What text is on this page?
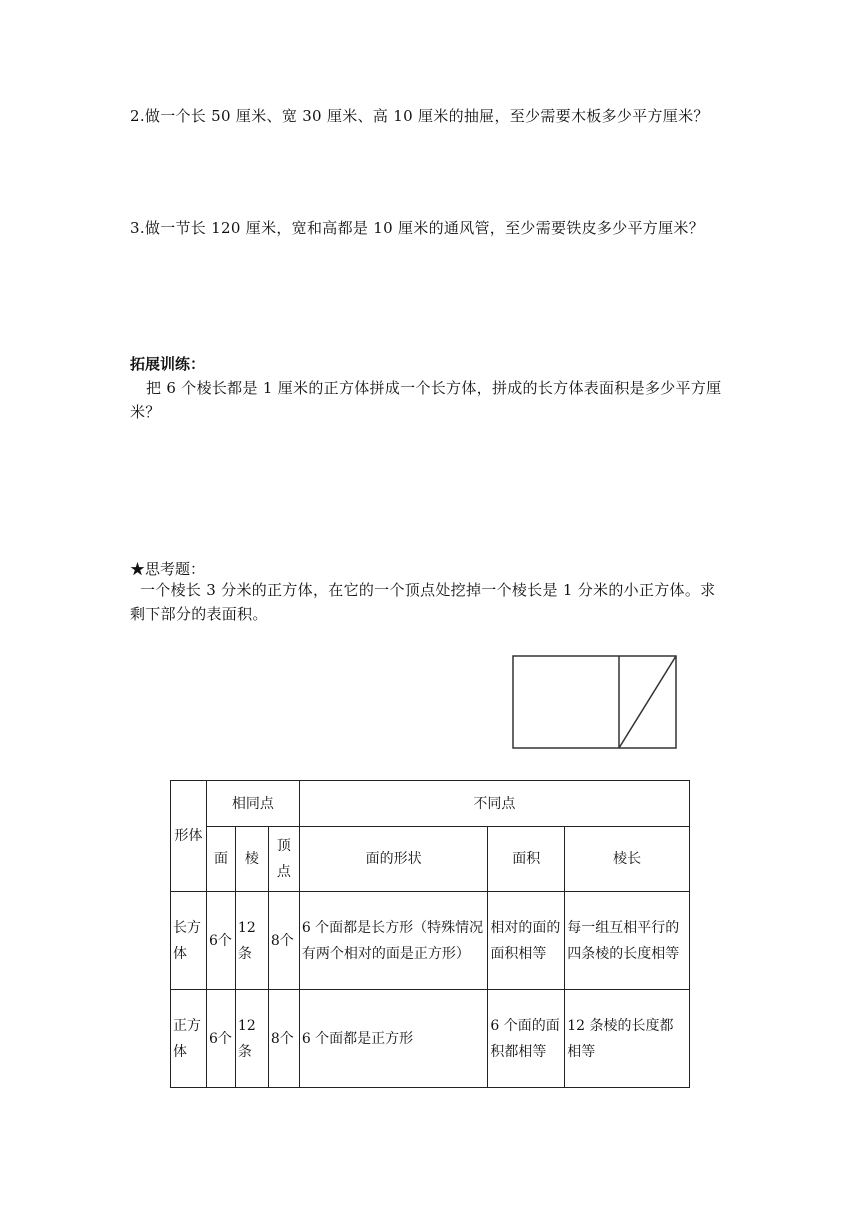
2.做一个长 50 厘米、宽 30 厘米、高 10 厘米的抽屉，至少需要木板多少平方厘米？
3.做一节长 120 厘米，宽和高都是 10 厘米的通风管，至少需要铁皮多少平方厘米？
拓展训练：
把 6 个棱长都是 1 厘米的正方体拼成一个长方体，拼成的长方体表面积是多少平方厘米？
★思考题：
一个棱长 3 分米的正方体，在它的一个顶点处挖掉一个棱长是 1 分米的小正方体。求剩下部分的表面积。
形体	相同点			不同点		
	面	棱	顶点	面的形状	面积	棱长
长方体	6个	12条	8个	6 个面都是长方形（特殊情况有两个相对的面是正方形）	相对的面的面积相等	每一组互相平行的四条棱的长度相等
正方体	6个	12条	8个	6 个面都是正方形	6 个面的面积都相等	12 条棱的长度都相等
